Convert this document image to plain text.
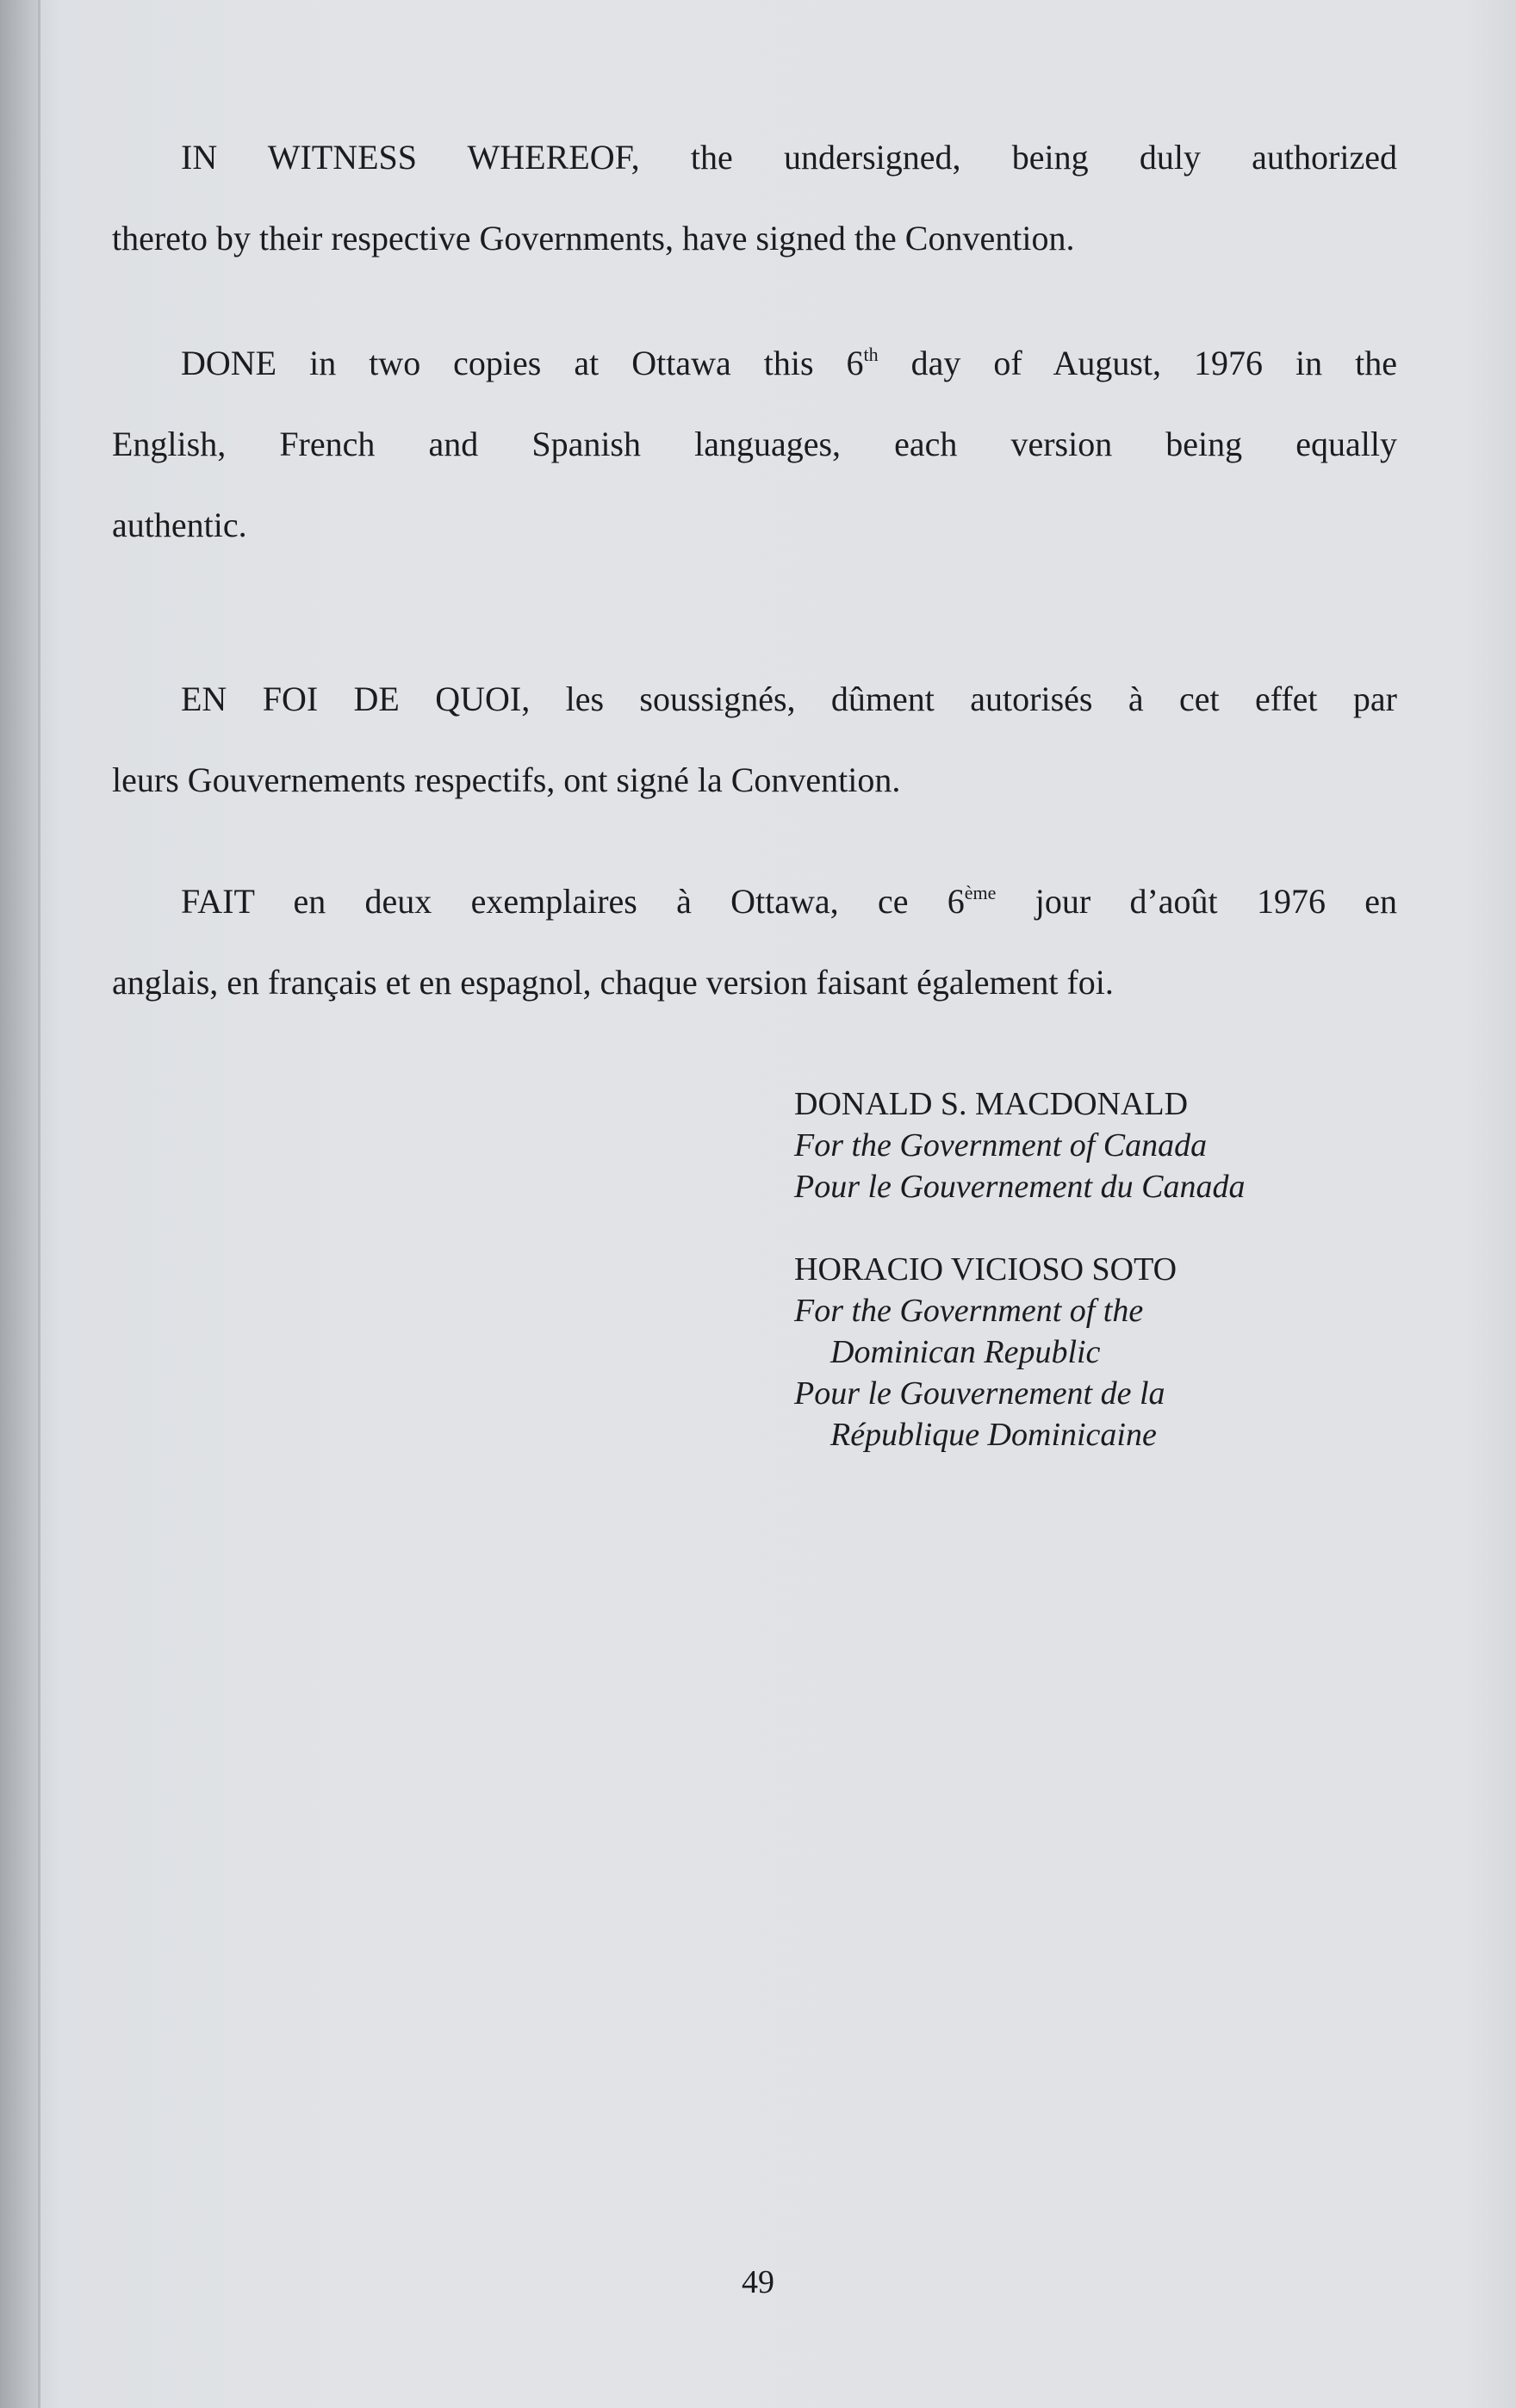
IN WITNESS WHEREOF, the undersigned, being duly authorized
thereto by their respective Governments, have signed the Convention.
DONE in two copies at Ottawa this 6th day of August, 1976 in the
English, French and Spanish languages, each version being equally
authentic.
EN FOI DE QUOI, les soussignés, dûment autorisés à cet effet par
leurs Gouvernements respectifs, ont signé la Convention.
FAIT en deux exemplaires à Ottawa, ce 6ème jour d’août 1976 en
anglais, en français et en espagnol, chaque version faisant également foi.
DONALD S. MACDONALD
For the Government of Canada
Pour le Gouvernement du Canada
HORACIO VICIOSO SOTO
For the Government of the
Dominican Republic
Pour le Gouvernement de la
République Dominicaine
49
